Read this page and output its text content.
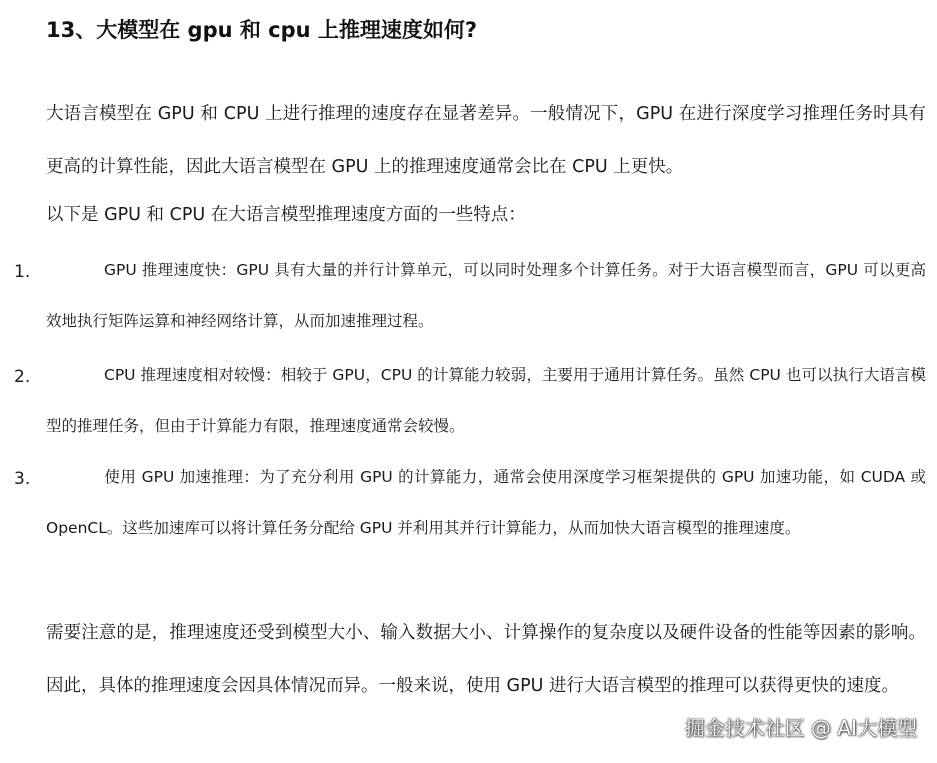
13、大模型在 gpu 和 cpu 上推理速度如何?

大语言模型在 GPU 和 CPU 上进行推理的速度存在显著差异。一般情况下，GPU 在进行深度学习推理任务时具有更高的计算性能，因此大语言模型在 GPU 上的推理速度通常会比在 CPU 上更快。

以下是 GPU 和 CPU 在大语言模型推理速度方面的一些特点：

1.	GPU 推理速度快：GPU 具有大量的并行计算单元，可以同时处理多个计算任务。对于大语言模型而言，GPU 可以更高效地执行矩阵运算和神经网络计算，从而加速推理过程。

2.	CPU 推理速度相对较慢：相较于 GPU，CPU 的计算能力较弱，主要用于通用计算任务。虽然 CPU 也可以执行大语言模型的推理任务，但由于计算能力有限，推理速度通常会较慢。

3.	使用 GPU 加速推理：为了充分利用 GPU 的计算能力，通常会使用深度学习框架提供的 GPU 加速功能，如 CUDA 或 OpenCL。这些加速库可以将计算任务分配给 GPU 并利用其并行计算能力，从而加快大语言模型的推理速度。

需要注意的是，推理速度还受到模型大小、输入数据大小、计算操作的复杂度以及硬件设备的性能等因素的影响。因此，具体的推理速度会因具体情况而异。一般来说，使用 GPU 进行大语言模型的推理可以获得更快的速度。

掘金技术社区 @ AI大模型
